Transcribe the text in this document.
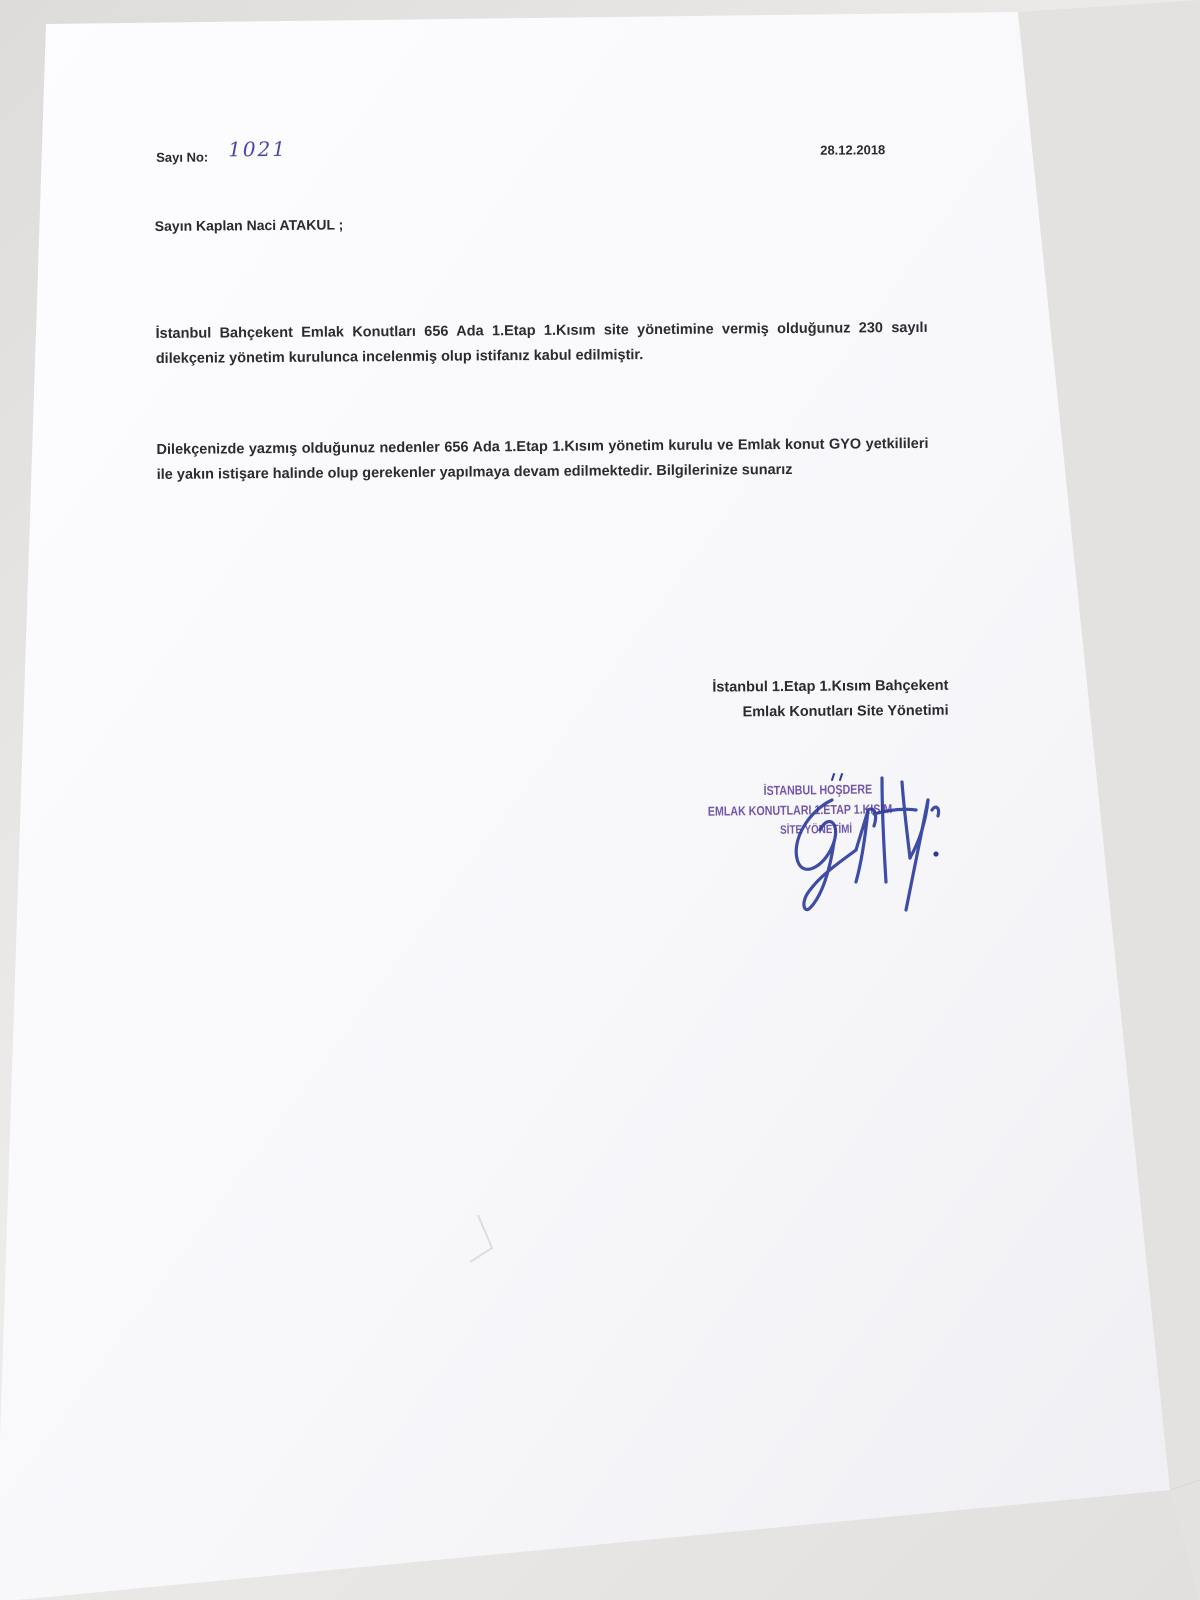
Sayı No: 1021	28.12.2018
Sayın Kaplan Naci ATAKUL ;
İstanbul Bahçekent Emlak Konutları 656 Ada 1.Etap 1.Kısım site yönetimine vermiş olduğunuz 230 sayılı dilekçeniz yönetim kurulunca incelenmiş olup istifanız kabul edilmiştir.
Dilekçenizde yazmış olduğunuz nedenler 656 Ada 1.Etap 1.Kısım yönetim kurulu ve Emlak konut GYO yetkilileri ile yakın istişare halinde olup gerekenler yapılmaya devam edilmektedir. Bilgilerinize sunarız
İstanbul 1.Etap 1.Kısım Bahçekent
Emlak Konutları Site Yönetimi
İSTANBUL HOŞDERE
EMLAK KONUTLARI 1.ETAP 1.KISIM
SİTE YÖNETİMİ
